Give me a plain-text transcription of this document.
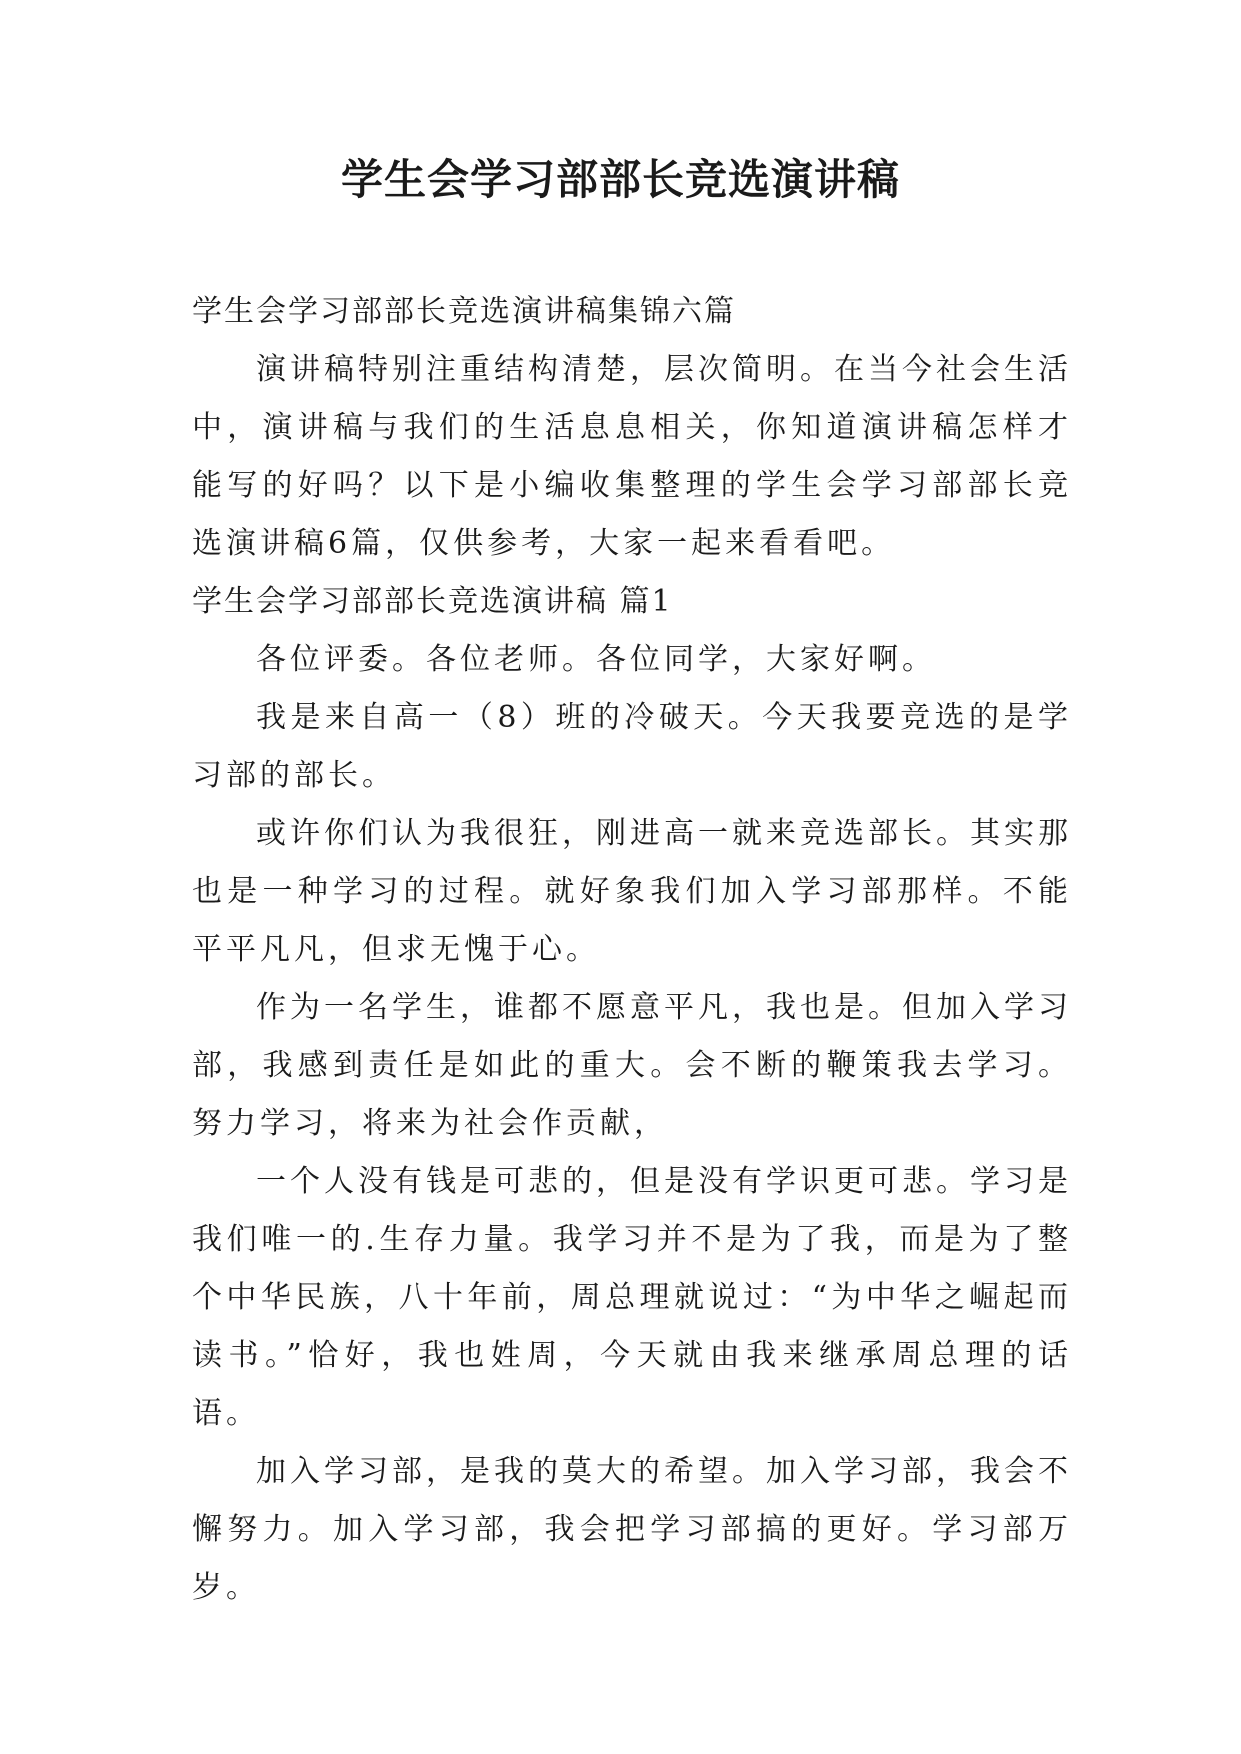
学生会学习部部长竞选演讲稿

学生会学习部部长竞选演讲稿集锦六篇

演讲稿特别注重结构清楚，层次简明。在当今社会生活中，演讲稿与我们的生活息息相关，你知道演讲稿怎样才能写的好吗？以下是小编收集整理的学生会学习部部长竞选演讲稿6篇，仅供参考，大家一起来看看吧。

学生会学习部部长竞选演讲稿 篇1

各位评委。各位老师。各位同学，大家好啊。

我是来自高一（8）班的冷破天。今天我要竞选的是学习部的部长。

或许你们认为我很狂，刚进高一就来竞选部长。其实那也是一种学习的过程。就好象我们加入学习部那样。不能平平凡凡，但求无愧于心。

作为一名学生，谁都不愿意平凡，我也是。但加入学习部，我感到责任是如此的重大。会不断的鞭策我去学习。努力学习，将来为社会作贡献，

一个人没有钱是可悲的，但是没有学识更可悲。学习是我们唯一的.生存力量。我学习并不是为了我，而是为了整个中华民族，八十年前，周总理就说过：“为中华之崛起而读书。”恰好，我也姓周，今天就由我来继承周总理的话语。

加入学习部，是我的莫大的希望。加入学习部，我会不懈努力。加入学习部，我会把学习部搞的更好。学习部万岁。
